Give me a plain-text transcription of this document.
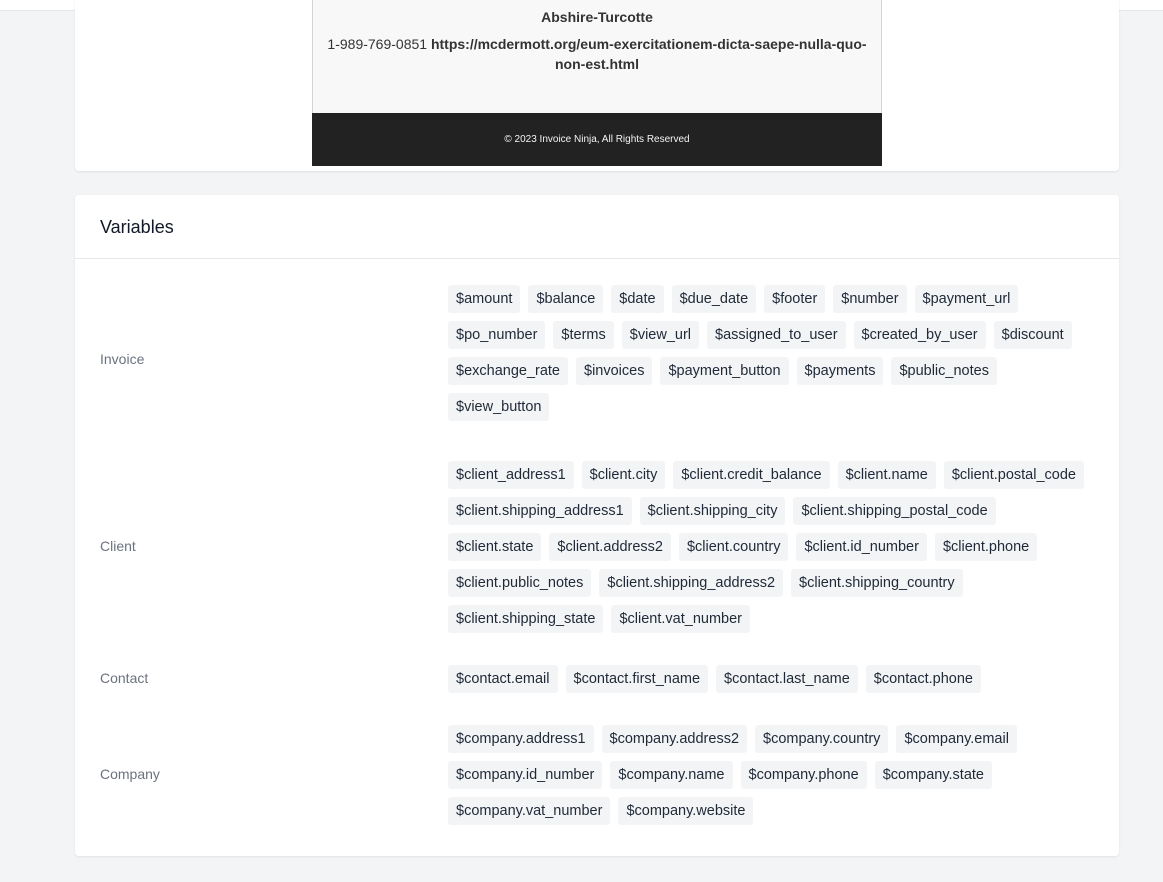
Abshire-Turcotte
1-989-769-0851 https://mcdermott.org/eum-exercitationem-dicta-saepe-nulla-quo-non-est.html
© 2023 Invoice Ninja, All Rights Reserved
Variables
Invoice
$amount	$balance	$date	$due_date	$footer	$number	$payment_url
$po_number	$terms	$view_url	$assigned_to_user	$created_by_user	$discount
$exchange_rate	$invoices	$payment_button	$payments	$public_notes
$view_button
Client
$client_address1	$client.city	$client.credit_balance	$client.name	$client.postal_code
$client.shipping_address1	$client.shipping_city	$client.shipping_postal_code
$client.state	$client.address2	$client.country	$client.id_number	$client.phone
$client.public_notes	$client.shipping_address2	$client.shipping_country
$client.shipping_state	$client.vat_number
Contact	$contact.email	$contact.first_name	$contact.last_name	$contact.phone
Company
$company.address1	$company.address2	$company.country	$company.email
$company.id_number	$company.name	$company.phone	$company.state
$company.vat_number	$company.website
